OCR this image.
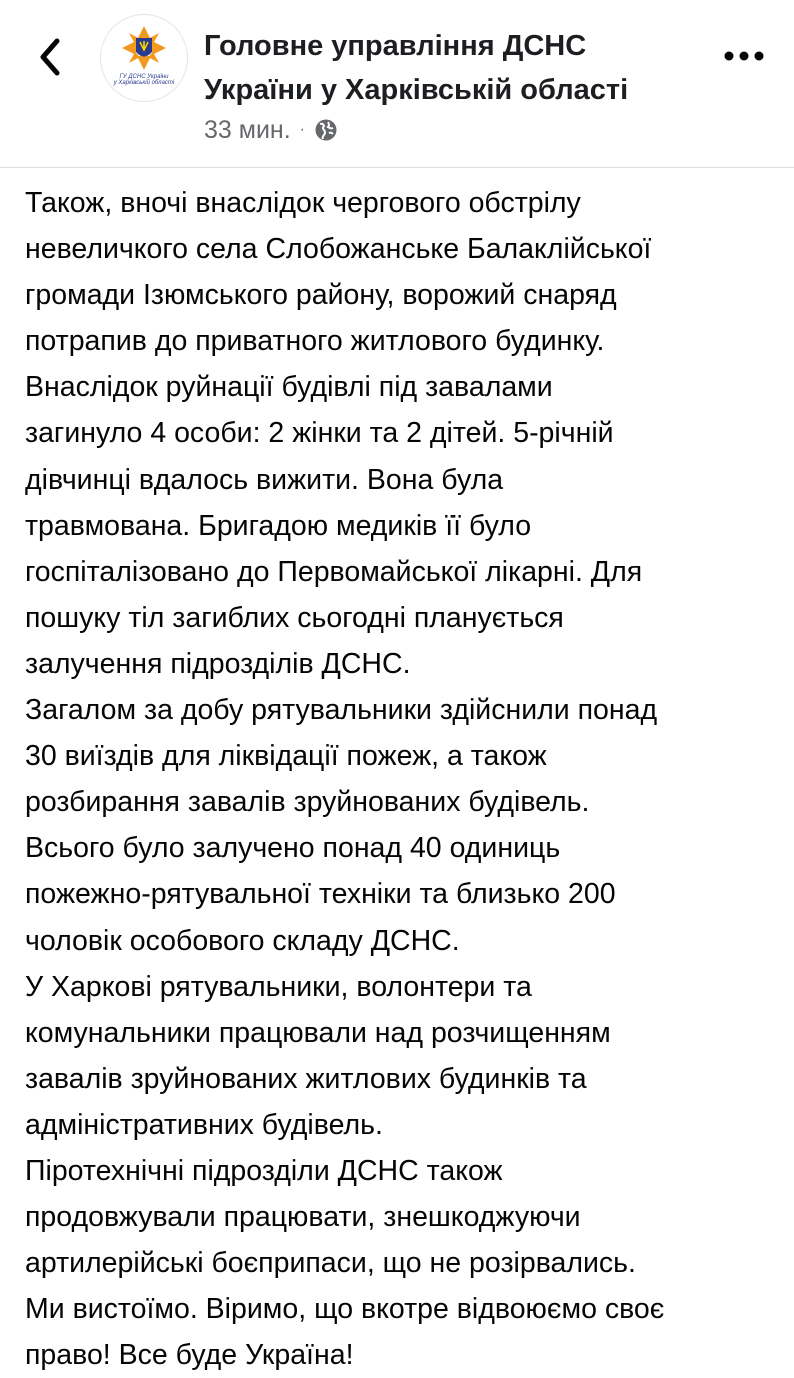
ГУ ДСНС України
у Харківській області
Головне управління ДСНС
України у Харківській області
33 мин. ·

Також, вночі внаслідок чергового обстрілу

невеличкого села Слобожанське Балаклійської

громади Ізюмського району, ворожий снаряд

потрапив до приватного житлового будинку.

Внаслідок руйнації будівлі під завалами

загинуло 4 особи: 2 жінки та 2 дітей. 5-річній

дівчинці вдалось вижити. Вона була

травмована. Бригадою медиків її було

госпіталізовано до Первомайської лікарні. Для

пошуку тіл загиблих сьогодні планується

залучення підрозділів ДСНС.

Загалом за добу рятувальники здійснили понад

30 виїздів для ліквідації пожеж, а також

розбирання завалів зруйнованих будівель.

Всього було залучено понад 40 одиниць

пожежно-рятувальної техніки та близько 200

чоловік особового складу ДСНС.

У Харкові рятувальники, волонтери та

комунальники працювали над розчищенням

завалів зруйнованих житлових будинків та

адміністративних будівель.

Піротехнічні підрозділи ДСНС також

продовжували працювати, знешкоджуючи

артилерійські боєприпаси, що не розірвались.

Ми вистоїмо. Віримо, що вкотре відвоюємо своє

право! Все буде Україна!
